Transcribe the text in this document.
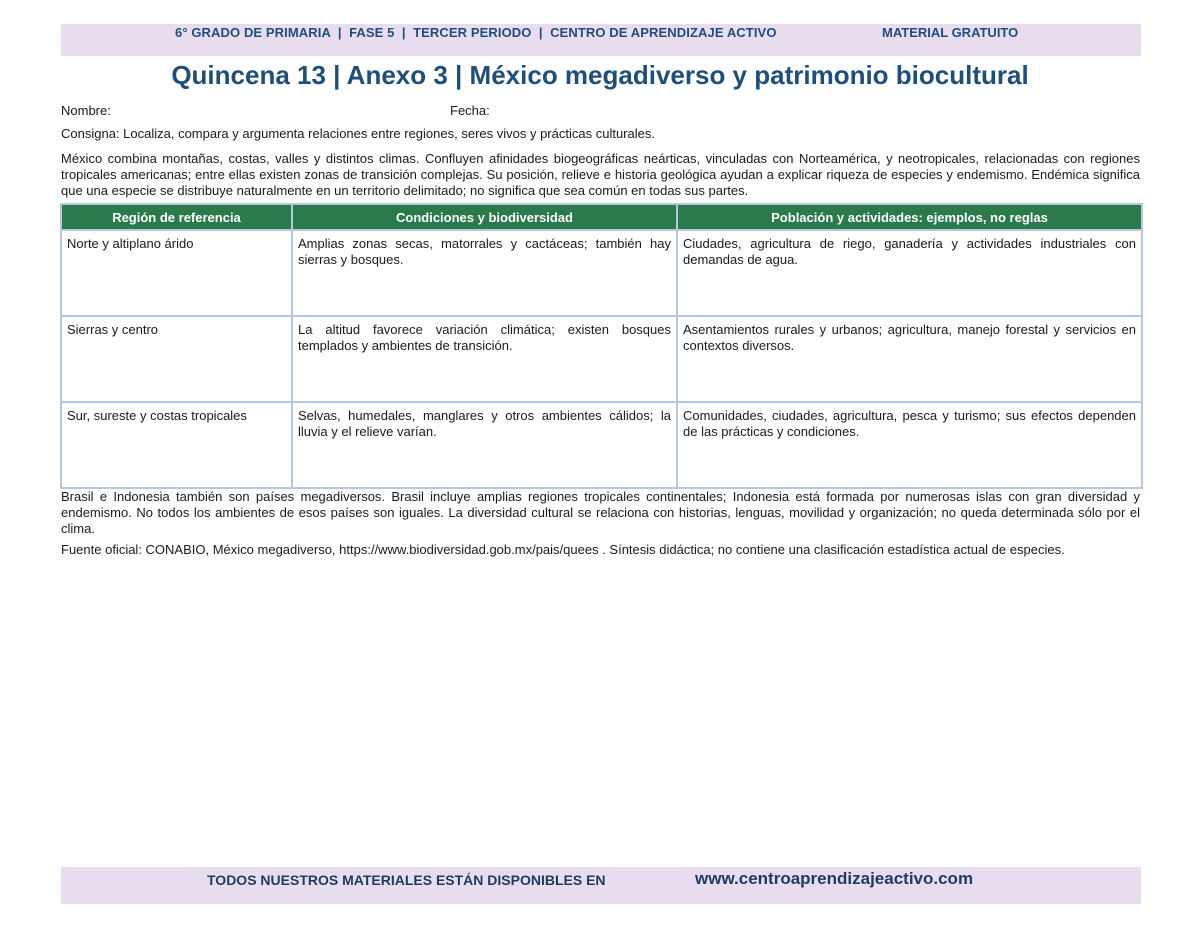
6° GRADO DE PRIMARIA  |  FASE 5  |  TERCER PERIODO  |  CENTRO DE APRENDIZAJE ACTIVO	MATERIAL GRATUITO
Quincena 13 | Anexo 3 | México megadiverso y patrimonio biocultural
Nombre:	Fecha:
Consigna: Localiza, compara y argumenta relaciones entre regiones, seres vivos y prácticas culturales.
México combina montañas, costas, valles y distintos climas. Confluyen afinidades biogeográficas neárticas, vinculadas con Norteamérica, y neotropicales, relacionadas con regiones tropicales americanas; entre ellas existen zonas de transición complejas. Su posición, relieve e historia geológica ayudan a explicar riqueza de especies y endemismo. Endémica significa que una especie se distribuye naturalmente en un territorio delimitado; no significa que sea común en todas sus partes.
Región de referencia	Condiciones y biodiversidad	Población y actividades: ejemplos, no reglas
Norte y altiplano árido	Amplias zonas secas, matorrales y cactáceas; también hay sierras y bosques.	Ciudades, agricultura de riego, ganadería y actividades industriales con demandas de agua.
Sierras y centro	La altitud favorece variación climática; existen bosques templados y ambientes de transición.	Asentamientos rurales y urbanos; agricultura, manejo forestal y servicios en contextos diversos.
Sur, sureste y costas tropicales	Selvas, humedales, manglares y otros ambientes cálidos; la lluvia y el relieve varían.	Comunidades, ciudades, agricultura, pesca y turismo; sus efectos dependen de las prácticas y condiciones.
Brasil e Indonesia también son países megadiversos. Brasil incluye amplias regiones tropicales continentales; Indonesia está formada por numerosas islas con gran diversidad y endemismo. No todos los ambientes de esos países son iguales. La diversidad cultural se relaciona con historias, lenguas, movilidad y organización; no queda determinada sólo por el clima.
Fuente oficial: CONABIO, México megadiverso, https://www.biodiversidad.gob.mx/pais/quees . Síntesis didáctica; no contiene una clasificación estadística actual de especies.
TODOS NUESTROS MATERIALES ESTÁN DISPONIBLES EN	www.centroaprendizajeactivo.com
